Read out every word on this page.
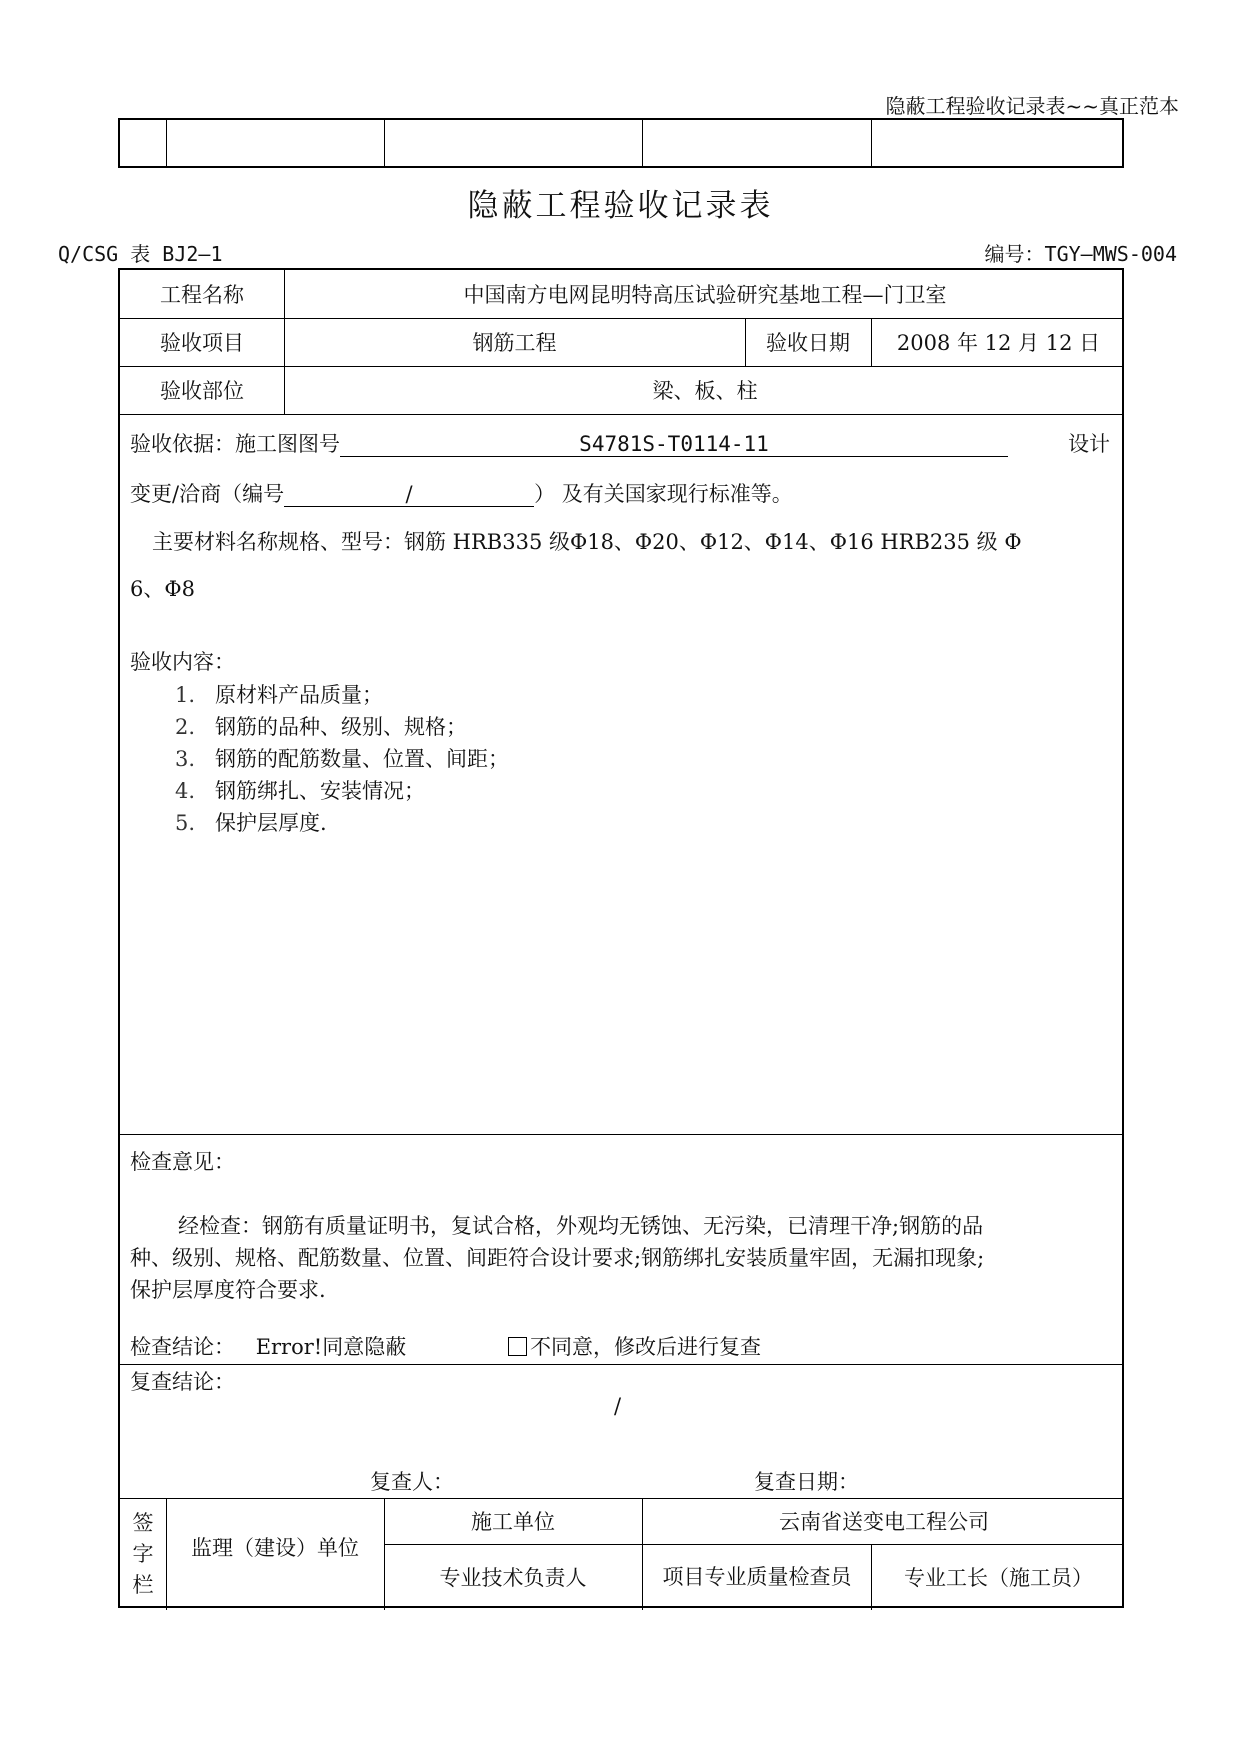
隐蔽工程验收记录表~~真正范本
隐蔽工程验收记录表
Q/CSG 表 BJ2—1	编号：TGY—MWS-004
工程名称	中国南方电网昆明特高压试验研究基地工程—门卫室
验收项目	钢筋工程	验收日期	2008 年 12 月 12 日
验收部位	梁、板、柱
验收依据：施工图图号	S4781S-T0114-11	设计
变更/洽商（编号	/	） 及有关国家现行标准等。
主要材料名称规格、型号：钢筋 HRB335 级Φ18、Φ20、Φ12、Φ14、Φ16 HRB235 级 Φ
6、Φ8
验收内容：
1. 原材料产品质量；
2. 钢筋的品种、级别、规格；
3. 钢筋的配筋数量、位置、间距；
4. 钢筋绑扎、安装情况；
5. 保护层厚度.
检查意见：
经检查：钢筋有质量证明书，复试合格，外观均无锈蚀、无污染，已清理干净;钢筋的品
种、级别、规格、配筋数量、位置、间距符合设计要求;钢筋绑扎安装质量牢固，无漏扣现象;
保护层厚度符合要求.
检查结论： Error!同意隐蔽	不同意，修改后进行复查
复查结论：
/
复查人：	复查日期：
签
字
栏
监理（建设）单位
施工单位	云南省送变电工程公司
专业技术负责人	项目专业质量检查员	专业工长（施工员）
